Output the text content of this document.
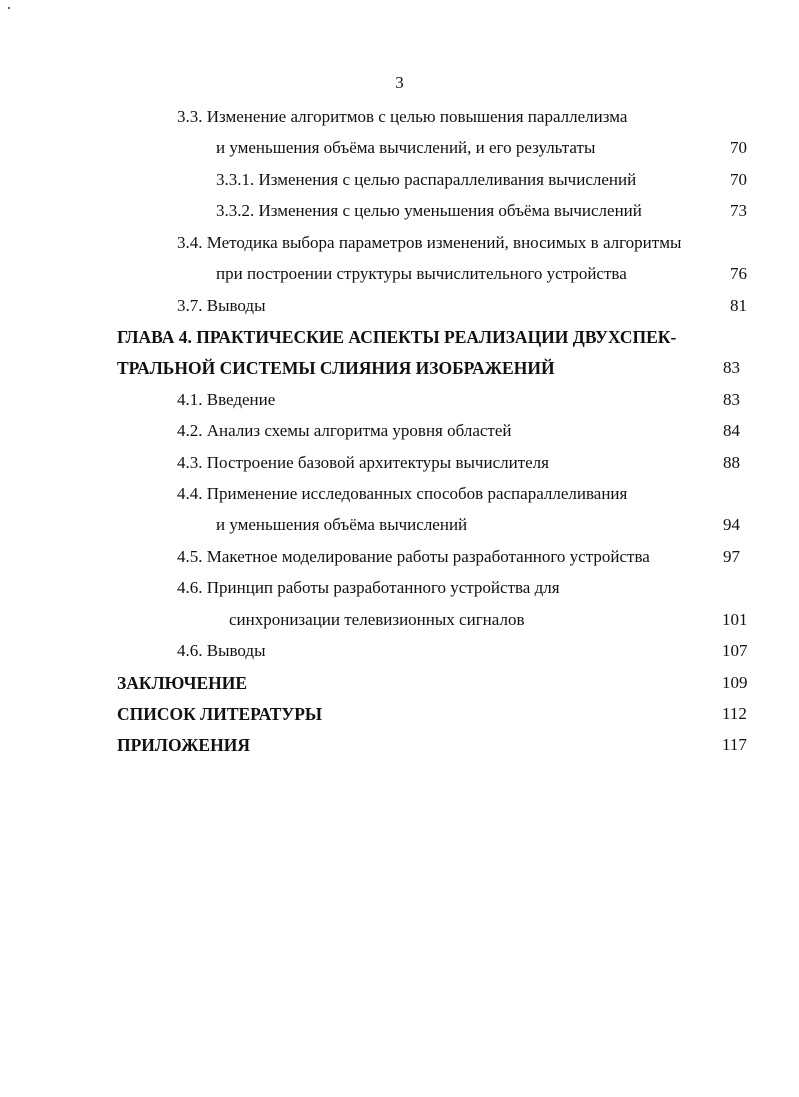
3
3.3. Изменение алгоритмов с целью повышения параллелизма
и уменьшения объёма вычислений, и его результаты	70
3.3.1. Изменения с целью распараллеливания вычислений	70
3.3.2. Изменения с целью уменьшения объёма вычислений	73
3.4. Методика выбора параметров изменений, вносимых в алгоритмы
при построении структуры вычислительного устройства	76
3.7. Выводы	81
ГЛАВА 4. ПРАКТИЧЕСКИЕ АСПЕКТЫ РЕАЛИЗАЦИИ ДВУХСПЕК-
ТРАЛЬНОЙ СИСТЕМЫ СЛИЯНИЯ ИЗОБРАЖЕНИЙ	83
4.1. Введение	83
4.2. Анализ схемы алгоритма уровня областей	84
4.3. Построение базовой архитектуры вычислителя	88
4.4. Применение исследованных способов распараллеливания
и уменьшения объёма вычислений	94
4.5. Макетное моделирование работы разработанного устройства	97
4.6. Принцип работы разработанного устройства для
синхронизации телевизионных сигналов	101
4.6. Выводы	107
ЗАКЛЮЧЕНИЕ	109
СПИСОК ЛИТЕРАТУРЫ	112
ПРИЛОЖЕНИЯ	117
